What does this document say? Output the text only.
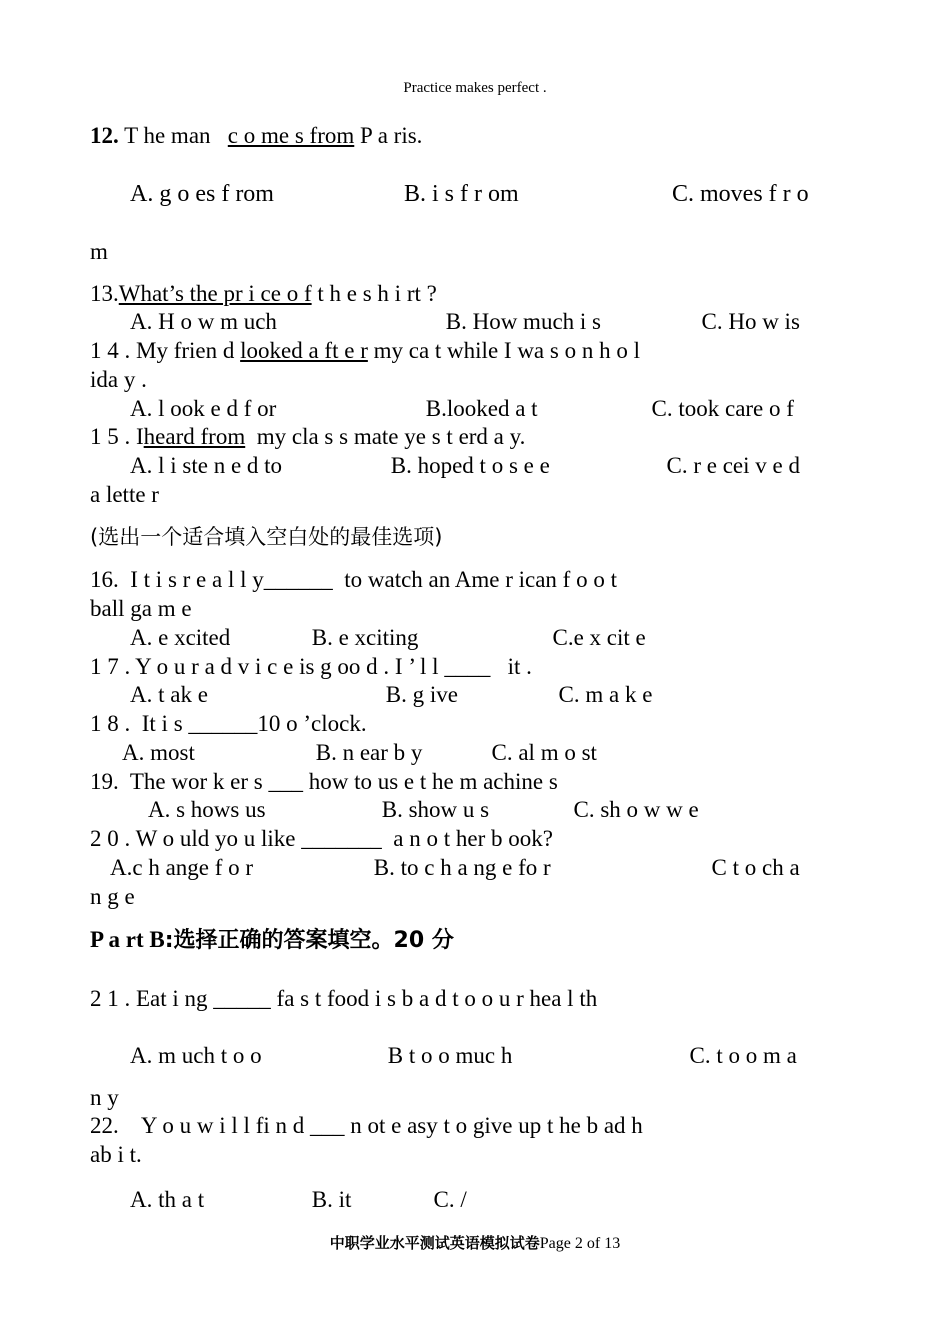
Practice makes perfect .
12. T he man c o me s from P a ris.
A. g o es f rom	B. i s f r om	C. moves f r o
m
13.What’s the pr i ce o f t h e s h i rt ?
A. H o w m uch	B. How much i s	C. Ho w is
1 4 . My frien d looked a ft e r my ca t while I wa s o n h o l
ida y .
A. l ook e d f or	B.looked a t	C. took care o f
1 5 . Iheard from my cla s s mate ye s t erd a y.
A. l i ste n e d to	B. hoped t o s e e	C. r e cei v e d
a lette r
(选出一个适合填入空白处的最佳选项)
16. I t i s r e a l l y______ to watch an Ame r ican f o o t
ball ga m e
A. e xcited	B. e xciting	C.e x cit e
1 7 . Y o u r a d v i c e is g oo d . I ’ l l ____ it .
A. t ak e	B. g ive	C. m a k e
1 8 . It i s ______10 o ’clock.
A. most	B. n ear b y	C. al m o st
19. The wor k er s ___ how to us e t he m achine s
A. s hows us	B. show u s	C. sh o w w e
2 0 . W o uld yo u like _______ a n o t her b ook?
A.c h ange f o r	B. to c h a ng e fo r	C t o ch a
n g e
P a rt B:选择正确的答案填空。20 分
2 1 . Eat i ng _____ fa s t food i s b a d t o o u r hea l th
A. m uch t o o	B t o o muc h	C. t o o m a
n y
22. Y o u w i l l fi n d ___ n ot e asy t o give up t he b ad h
ab i t.
A. th a t	B. it	C. /
中职学业水平测试英语模拟试卷Page 2 of 13
